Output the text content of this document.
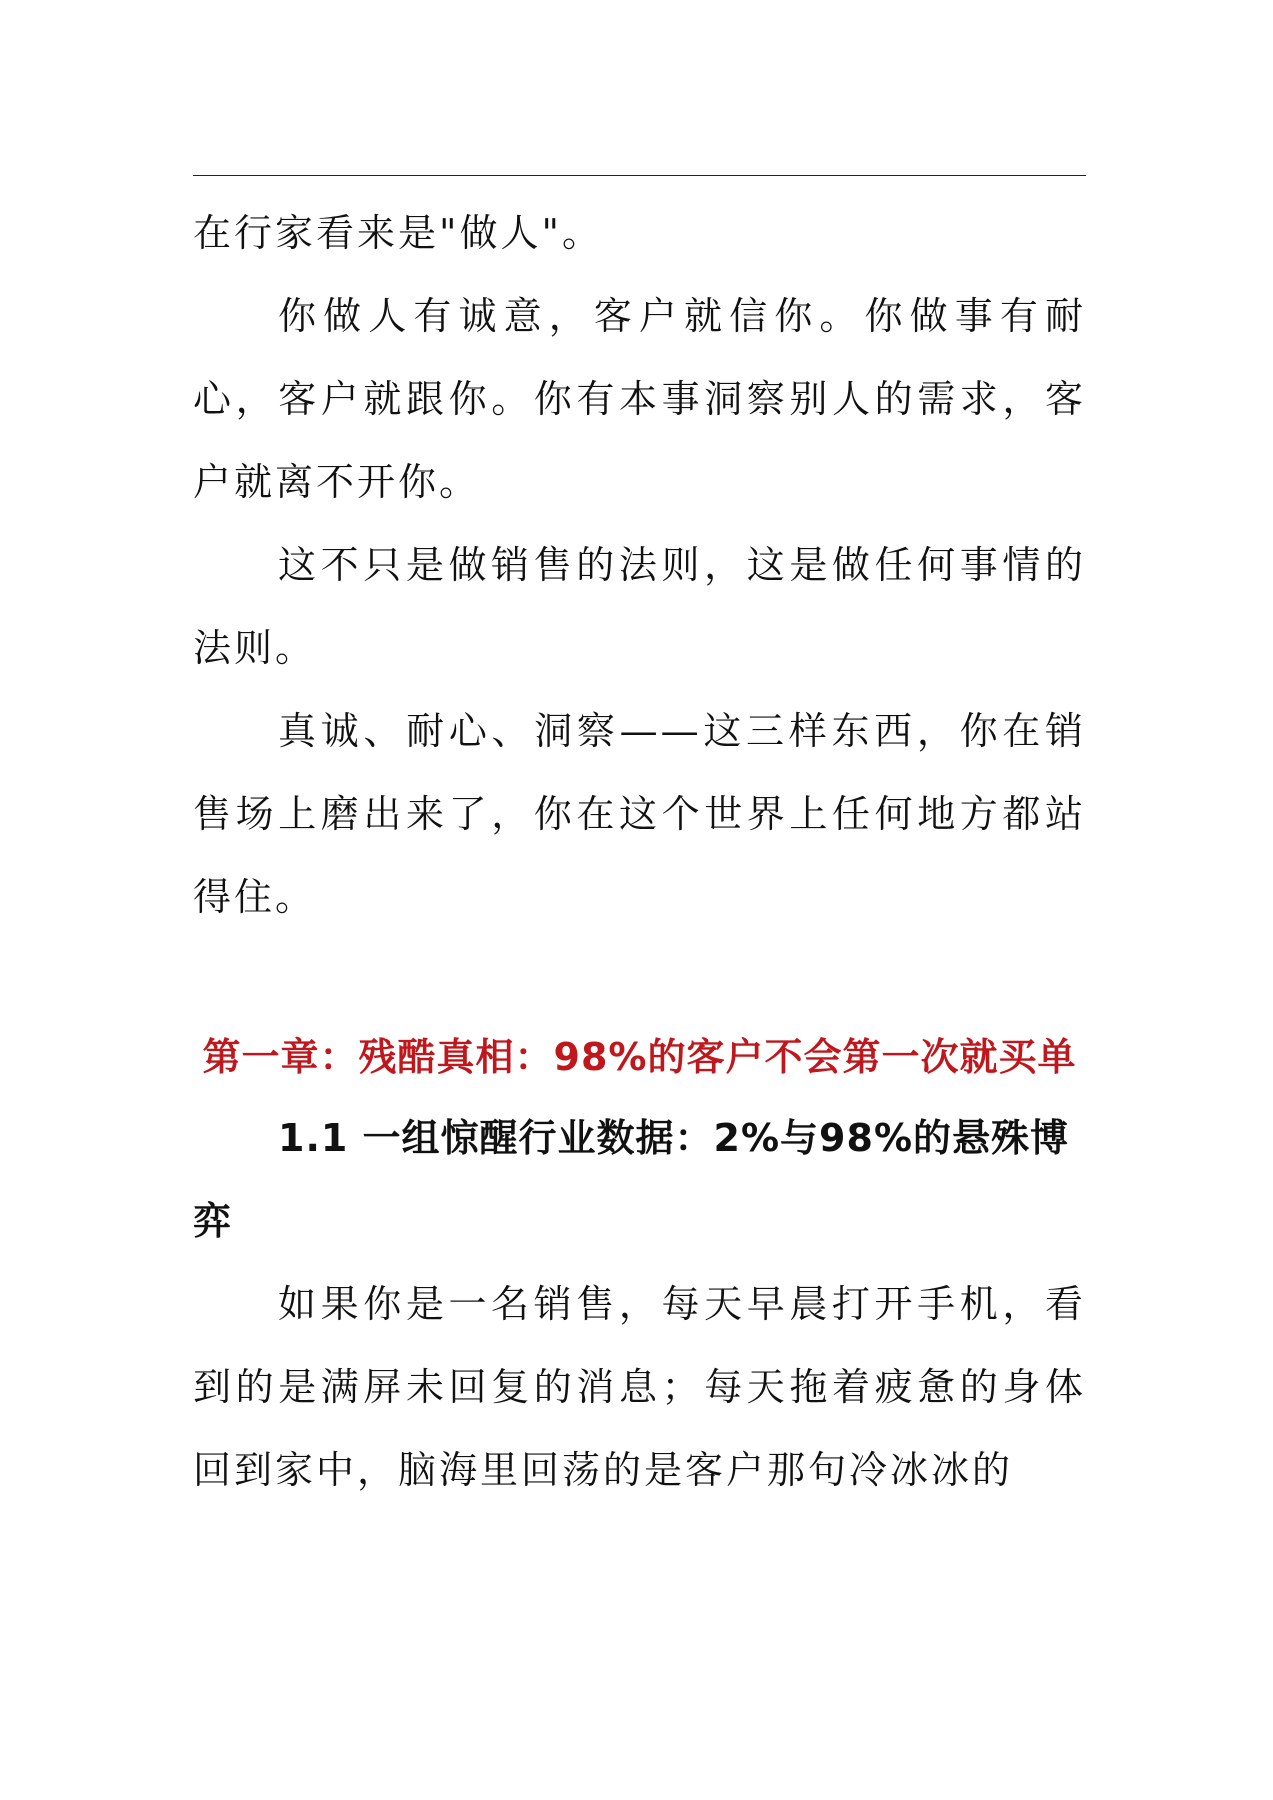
在行家看来是"做人"。

你做人有诚意，客户就信你。你做事有耐心，客户就跟你。你有本事洞察别人的需求，客户就离不开你。

这不只是做销售的法则，这是做任何事情的法则。

真诚、耐心、洞察——这三样东西，你在销售场上磨出来了，你在这个世界上任何地方都站得住。

第一章：残酷真相：98%的客户不会第一次就买单
1.1 一组惊醒行业数据：2%与98%的悬殊博弈

如果你是一名销售，每天早晨打开手机，看到的是满屏未回复的消息；每天拖着疲惫的身体回到家中，脑海里回荡的是客户那句冷冰冰的
